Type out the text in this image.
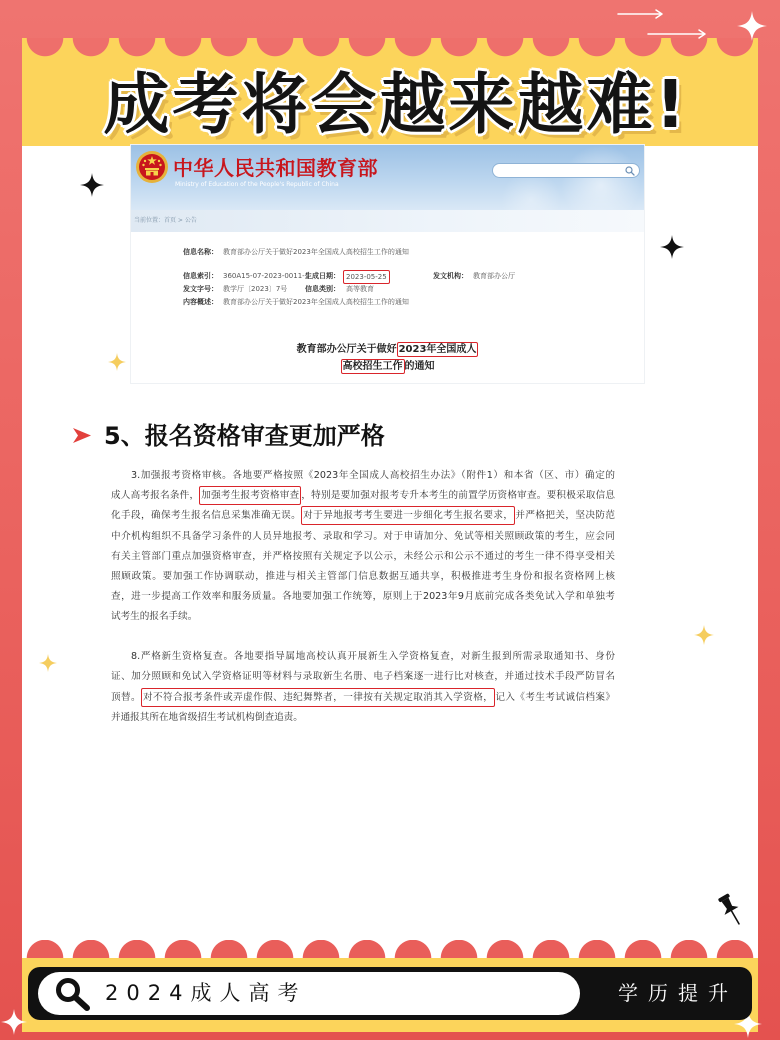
成考将会越来越难!
中华人民共和国教育部
Ministry of Education of the People's Republic of China
当前位置：首页 > 公告
信息名称： 教育部办公厅关于做好2023年全国成人高校招生工作的通知
信息索引： 360A15-07-2023-0011-1
生成日期： 2023-05-25	发文机构： 教育部办公厅
发文字号： 教学厅〔2023〕7号	信息类别： 高等教育
内容概述： 教育部办公厅关于做好2023年全国成人高校招生工作的通知
教育部办公厅关于做好 2023年全国成人
高校招生工作 的通知
5、报名资格审查更加严格
3.加强报考资格审核。各地要严格按照《2023年全国成人高校招生办法》（附件1）和本省（区、市）确定的
成人高考报名条件， 加强考生报考资格审查 ，特别是要加强对报考专升本考生的前置学历资格审查。要积极采取信息
化手段，确保考生报名信息采集准确无误。 对于异地报考考生要进一步细化考生报名要求， 并严格把关，坚决防范
中介机构组织不具备学习条件的人员异地报考、录取和学习。对于申请加分、免试等相关照顾政策的考生，应会同
有关主管部门重点加强资格审查，并严格按照有关规定予以公示，未经公示和公示不通过的考生一律不得享受相关
照顾政策。要加强工作协调联动，推进与相关主管部门信息数据互通共享，积极推进考生身份和报名资格网上核
查，进一步提高工作效率和服务质量。各地要加强工作统筹，原则上于2023年9月底前完成各类免试入学和单独考
试考生的报名手续。
8.严格新生资格复查。各地要指导属地高校认真开展新生入学资格复查，对新生报到所需录取通知书、身份
证、加分照顾和免试入学资格证明等材料与录取新生名册、电子档案逐一进行比对核查，并通过技术手段严防冒名
顶替。 对不符合报考条件或弄虚作假、违纪舞弊者，一律按有关规定取消其入学资格， 记入《考生考试诚信档案》
并通报其所在地省级招生考试机构倒查追责。
2024成人高考	学历提升
